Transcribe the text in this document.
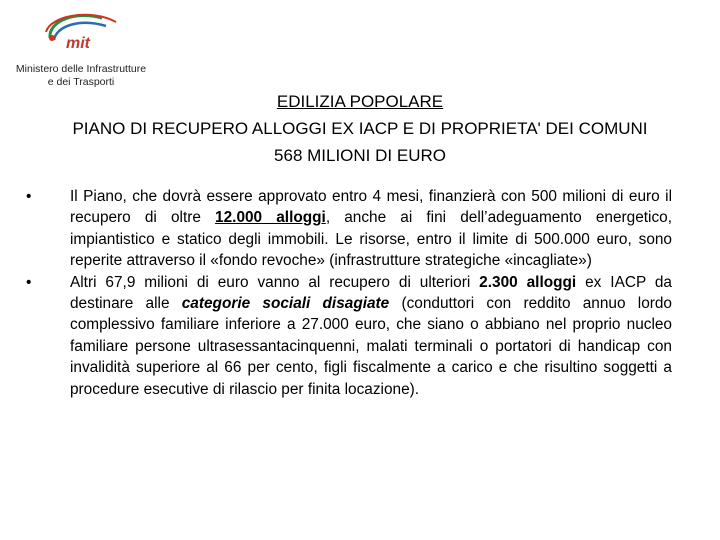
mit
Ministero delle Infrastrutture
e dei Trasporti
EDILIZIA POPOLARE
PIANO DI RECUPERO ALLOGGI EX IACP E DI PROPRIETA' DEI COMUNI
568 MILIONI DI EURO
•	Il Piano, che dovrà essere approvato entro 4 mesi, finanzierà con 500 milioni di euro il recupero di oltre 12.000 alloggi, anche ai fini dell’adeguamento energetico, impiantistico e statico degli immobili. Le risorse, entro il limite di 500.000 euro, sono reperite attraverso il «fondo revoche» (infrastrutture strategiche «incagliate»)
•	Altri 67,9 milioni di euro vanno al recupero di ulteriori 2.300 alloggi ex IACP da destinare alle categorie sociali disagiate (conduttori con reddito annuo lordo complessivo familiare inferiore a 27.000 euro, che siano o abbiano nel proprio nucleo familiare persone ultrasessantacinquenni, malati terminali o portatori di handicap con invalidità superiore al 66 per cento, figli fiscalmente a carico e che risultino soggetti a procedure esecutive di rilascio per finita locazione).
